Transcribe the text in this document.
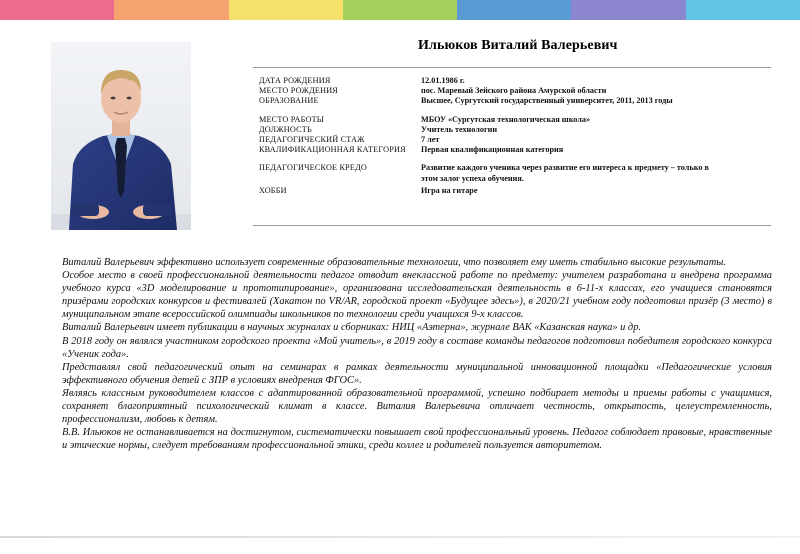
Ильюков Виталий Валерьевич
ДАТА РОЖДЕНИЯ	12.01.1986 г.
МЕСТО РОЖДЕНИЯ	пос. Маревый Зейского района Амурской области
ОБРАЗОВАНИЕ	Высшее, Сургутский государственный университет, 2011, 2013 годы
МЕСТО РАБОТЫ	МБОУ «Сургутская технологическая школа»
ДОЛЖНОСТЬ	Учитель технологии
ПЕДАГОГИЧЕСКИЙ СТАЖ	7 лет
КВАЛИФИКАЦИОННАЯ КАТЕГОРИЯ	Первая квалификационная категория
ПЕДАГОГИЧЕСКОЕ КРЕДО	Развитие каждого ученика через развитие его интереса к предмету – только в этом залог успеха обучения.
ХОББИ	Игра на гитаре

Виталий Валерьевич эффективно использует современные образовательные технологии, что позволяет ему иметь стабильно высокие результаты.

Особое место в своей профессиональной деятельности педагог отводит внеклассной работе по предмету: учителем разработана и внедрена программа учебного курса «3D моделирование и прототипирование», организована исследовательская деятельность в 6-11-х классах, его учащиеся становятся призёрами городских конкурсов и фестивалей (Хакатон по VR/AR, городской проект «Будущее здесь»), в 2020/21 учебном году подготовил призёр (3 место) в муниципальном этапе всероссийской олимпиады школьников по технологии среди учащихся 9-х классов.

Виталий Валерьевич имеет публикации в научных журналах и сборниках: НИЦ «Аэтерна», журнале ВАК «Казанская наука» и др.

В 2018 году он являлся участником городского проекта «Мой учитель», в 2019 году в составе команды педагогов подготовил победителя городского конкурса «Ученик года».

Представлял свой педагогический опыт на семинарах в рамках деятельности муниципальной инновационной площадки «Педагогические условия эффективного обучения детей с ЗПР в условиях внедрения ФГОС».

Являясь классным руководителем классов с адаптированной образовательной программой, успешно подбирает методы и приемы работы с учащимися, сохраняет благоприятный психологический климат в классе. Виталия Валерьевича отличает честность, открытость, целеустремленность, профессионализм, любовь к детям.

В.В. Ильюков не останавливается на достигнутом, систематически повышает свой профессиональный уровень. Педагог соблюдает правовые, нравственные и этические нормы, следует требованиям профессиональной этики, среди коллег и родителей пользуется авторитетом.
